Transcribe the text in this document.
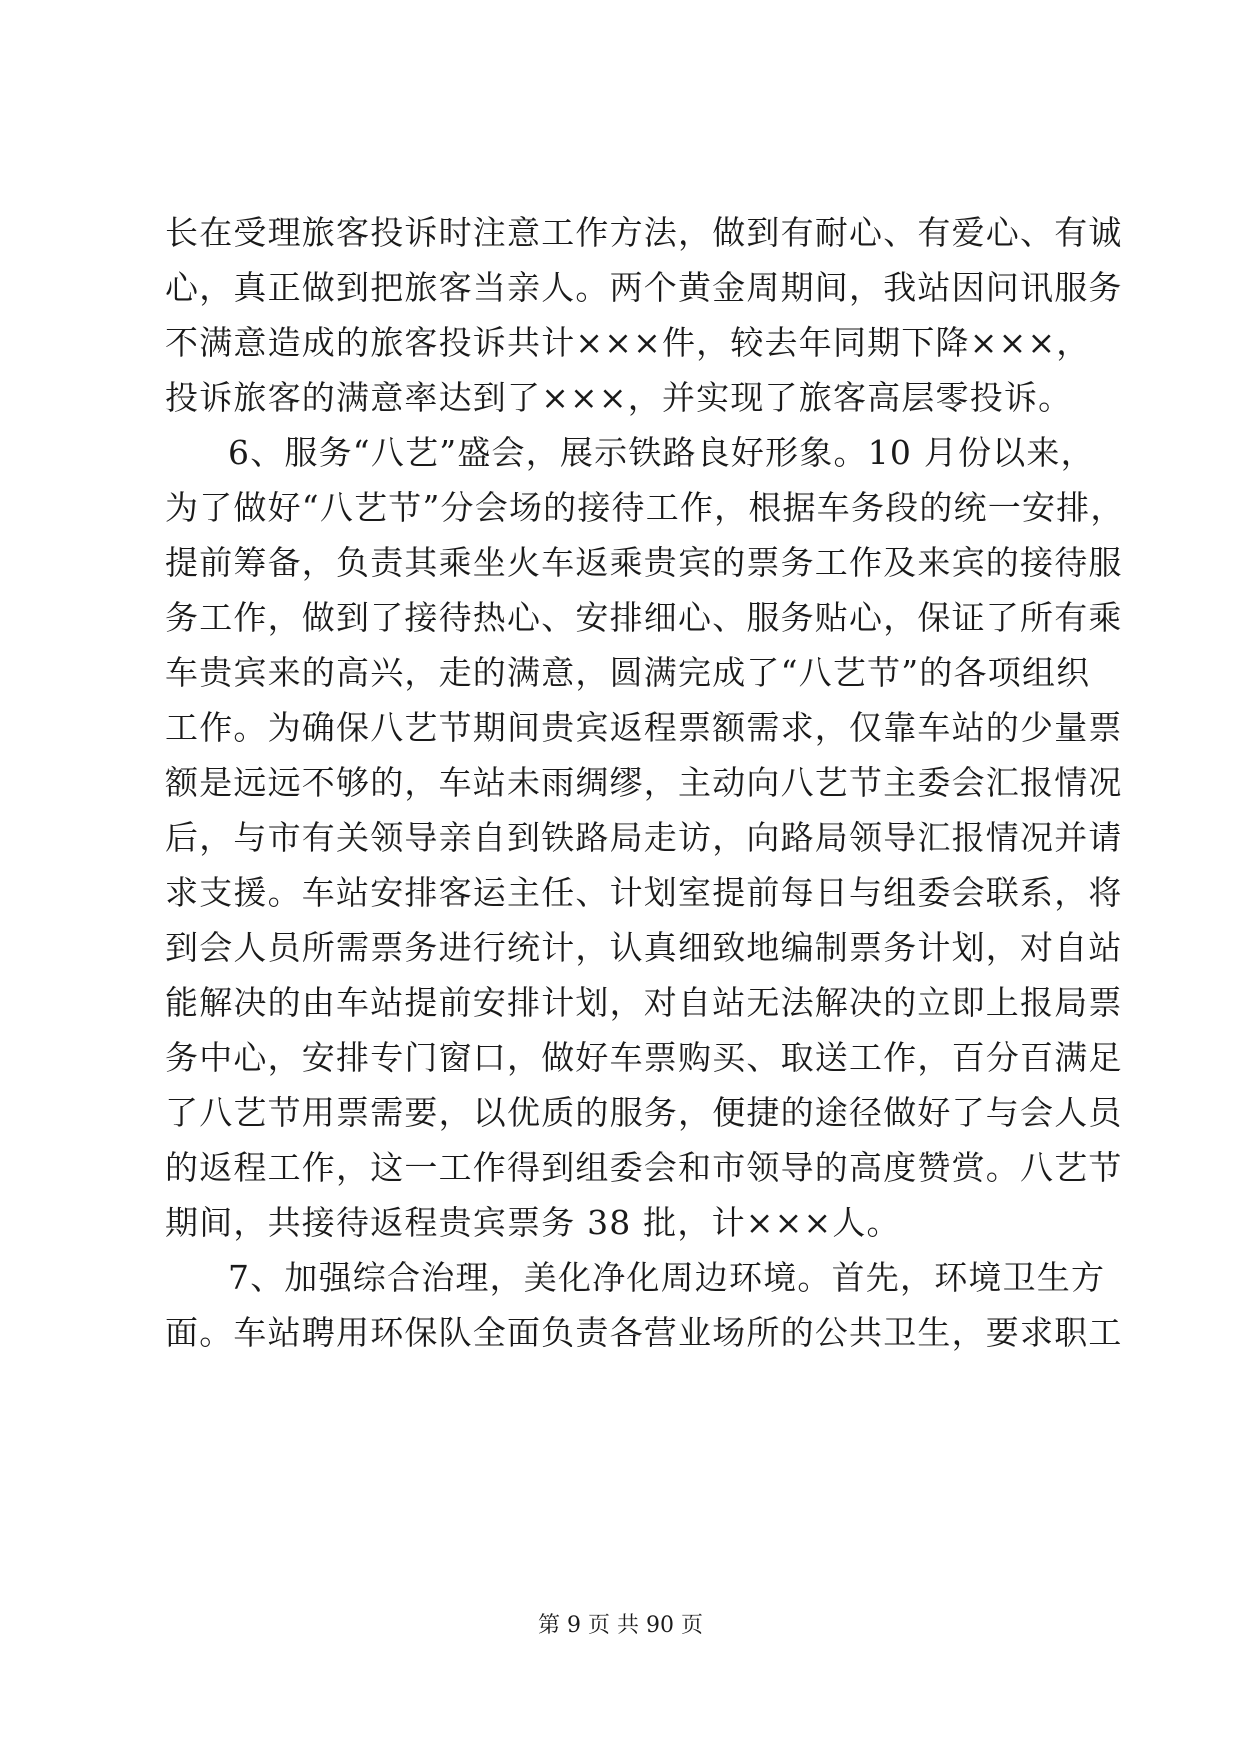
长在受理旅客投诉时注意工作方法，做到有耐心、有爱心、有诚
心，真正做到把旅客当亲人。两个黄金周期间，我站因问讯服务
不满意造成的旅客投诉共计×××件，较去年同期下降×××，
投诉旅客的满意率达到了×××，并实现了旅客高层零投诉。
6、服务“八艺”盛会，展示铁路良好形象。10 月份以来，
为了做好“八艺节”分会场的接待工作，根据车务段的统一安排，
提前筹备，负责其乘坐火车返乘贵宾的票务工作及来宾的接待服
务工作，做到了接待热心、安排细心、服务贴心，保证了所有乘
车贵宾来的高兴，走的满意，圆满完成了“八艺节”的各项组织
工作。为确保八艺节期间贵宾返程票额需求，仅靠车站的少量票
额是远远不够的，车站未雨绸缪，主动向八艺节主委会汇报情况
后，与市有关领导亲自到铁路局走访，向路局领导汇报情况并请
求支援。车站安排客运主任、计划室提前每日与组委会联系，将
到会人员所需票务进行统计，认真细致地编制票务计划，对自站
能解决的由车站提前安排计划，对自站无法解决的立即上报局票
务中心，安排专门窗口，做好车票购买、取送工作，百分百满足
了八艺节用票需要，以优质的服务，便捷的途径做好了与会人员
的返程工作，这一工作得到组委会和市领导的高度赞赏。八艺节
期间，共接待返程贵宾票务 38 批，计×××人。
7、加强综合治理，美化净化周边环境。首先，环境卫生方
面。车站聘用环保队全面负责各营业场所的公共卫生，要求职工
第 9 页 共 90 页
